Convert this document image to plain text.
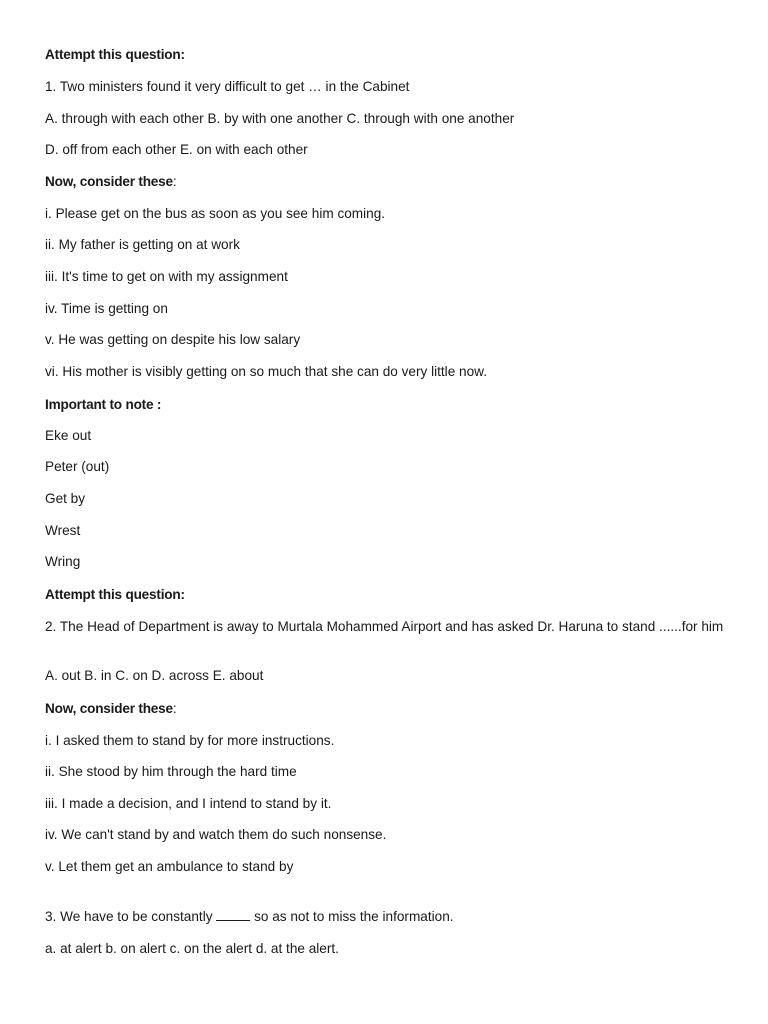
Attempt this question:
1. Two ministers found it very difficult to get … in the Cabinet
A. through with each other B. by with one another C. through with one another
D. off from each other E. on with each other
Now, consider these:
i. Please get on the bus as soon as you see him coming.
ii. My father is getting on at work
iii. It's time to get on with my assignment
iv. Time is getting on
v. He was getting on despite his low salary
vi. His mother is visibly getting on so much that she can do very little now.
Important to note :
Eke out
Peter (out)
Get by
Wrest
Wring
Attempt this question:
2. The Head of Department is away to Murtala Mohammed Airport and has asked Dr. Haruna to stand ......for him
A. out B. in C. on D. across E. about
Now, consider these:
i. I asked them to stand by for more instructions.
ii. She stood by him through the hard time
iii. I made a decision, and I intend to stand by it.
iv. We can't stand by and watch them do such nonsense.
v. Let them get an ambulance to stand by
3. We have to be constantly	so as not to miss the information.
a. at alert b. on alert c. on the alert d. at the alert.
